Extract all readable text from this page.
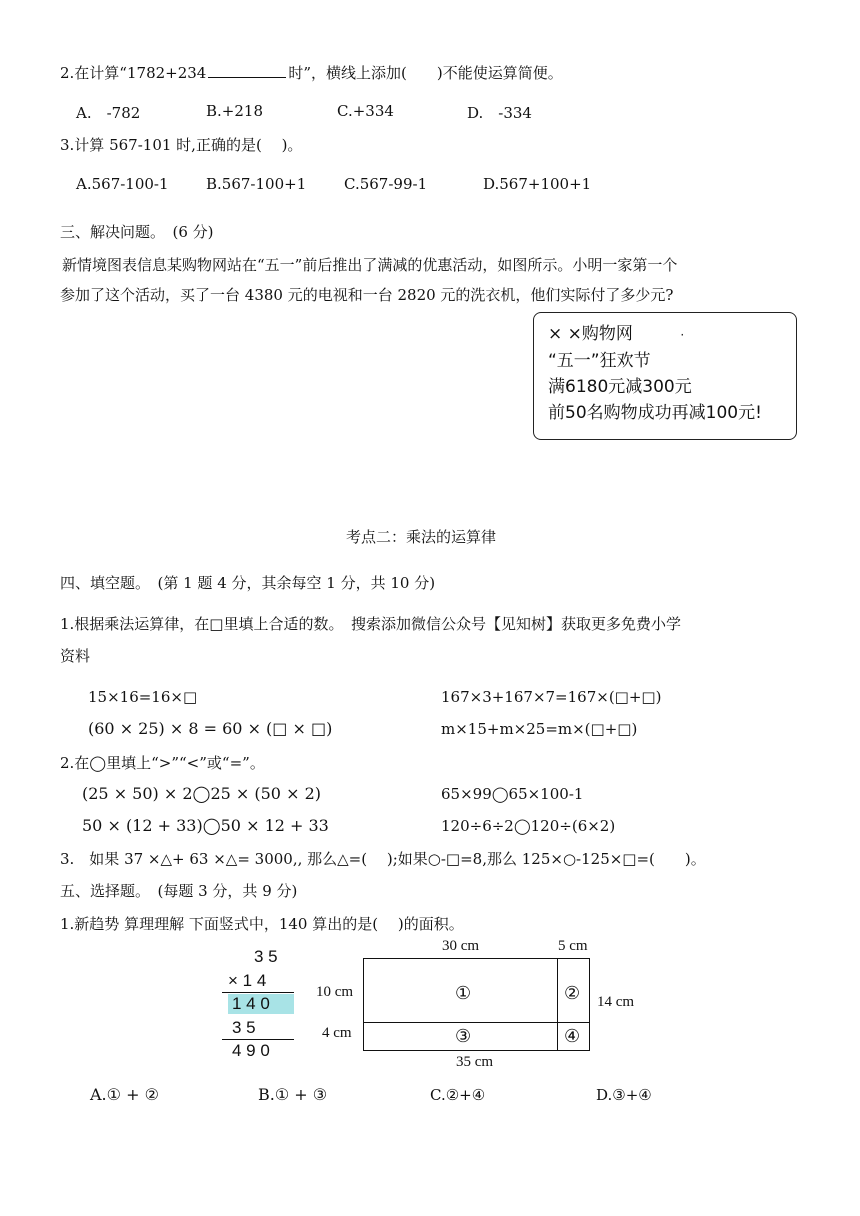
2.在计算“1782+234	时”，横线上添加(　　)不能使运算简便。
A.　-782	B.+218	C.+334	D.　-334
3.计算 567-101 时,正确的是(　 )。
A.567-100-1 B.567-100+1	C.567-99-1	D.567+100+1
三、解决问题。　(6 分)
新情境图表信息某购物网站在“五一”前后推出了满减的优惠活动，如图所示。小明一家第一个
参加了这个活动，买了一台 4380 元的电视和一台 2820 元的洗衣机，他们实际付了多少元?
× ×购物网	·
“五一”狂欢节
满6180元减300元
前50名购物成功再减100元!
考点二：乘法的运算律
四、填空题。　(第 1 题 4 分，其余每空 1 分，共 10 分)
1.根据乘法运算律，在□里填上合适的数。　搜索添加微信公众号【见知树】获取更多免费小学
资料
15×16=16×□	167×3+167×7=167×(□+□)
(60 × 25) × 8 = 60 × (□ × □)	m×15+m×25=m×(□+□)
2.在◯里填上“>”“<”或“=”。
(25 × 50) × 2◯25 × (50 × 2)	65×99◯65×100-1
50 × (12 + 33)◯50 × 12 + 33	120÷6÷2◯120÷(6×2)
3.　如果 37 ×△+ 63 ×△= 3000,, 那么△=(　 );如果○-□=8,那么 125×○-125×□=(　　)。
五、选择题。　(每题 3 分，共 9 分)
1.新趋势 算理理解 下面竖式中，140 算出的是(　 )的面积。
3 5
× 1 4
1 4 0
3 5
4 9 0
30 cm	5 cm
10 cm
4 cm
14 cm
35 cm
①	②
③	④
A.① + ②	B.① + ③	C.②+④	D.③+④
